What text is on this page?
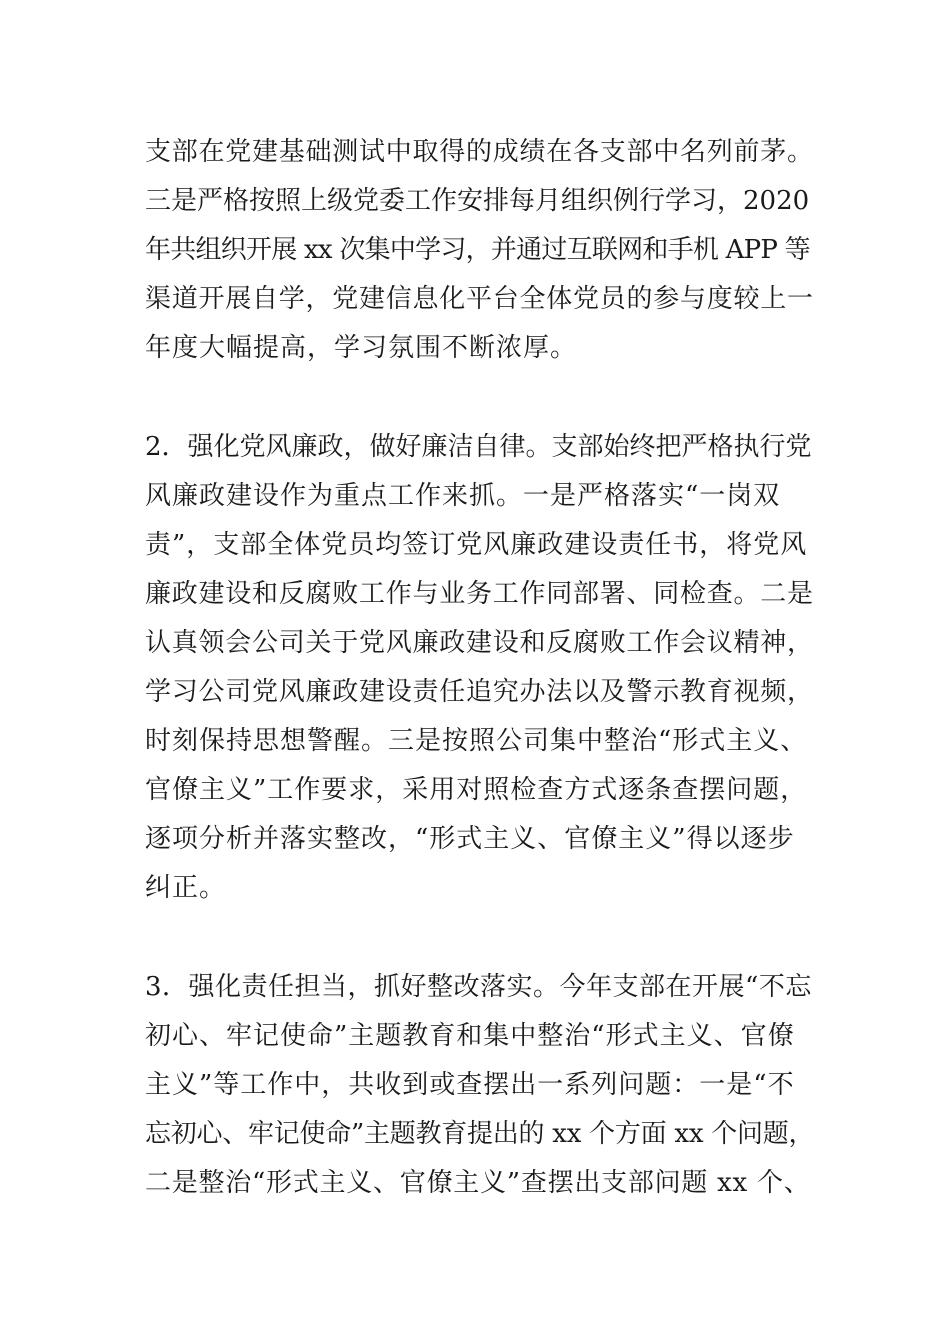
支部在党建基础测试中取得的成绩在各支部中名列前茅。
三是严格按照上级党委工作安排每月组织例行学习，2020
年共组织开展 xx 次集中学习，并通过互联网和手机 APP 等
渠道开展自学，党建信息化平台全体党员的参与度较上一
年度大幅提高，学习氛围不断浓厚。
2．强化党风廉政，做好廉洁自律。支部始终把严格执行党
风廉政建设作为重点工作来抓。一是严格落实“一岗双
责”，支部全体党员均签订党风廉政建设责任书，将党风
廉政建设和反腐败工作与业务工作同部署、同检查。二是
认真领会公司关于党风廉政建设和反腐败工作会议精神，
学习公司党风廉政建设责任追究办法以及警示教育视频，
时刻保持思想警醒。三是按照公司集中整治“形式主义、
官僚主义”工作要求，采用对照检查方式逐条查摆问题，
逐项分析并落实整改，“形式主义、官僚主义”得以逐步
纠正。
3．强化责任担当，抓好整改落实。今年支部在开展“不忘
初心、牢记使命”主题教育和集中整治“形式主义、官僚
主义”等工作中，共收到或查摆出一系列问题：一是“不
忘初心、牢记使命”主题教育提出的 xx 个方面 xx 个问题，
二是整治“形式主义、官僚主义”查摆出支部问题 xx 个、
